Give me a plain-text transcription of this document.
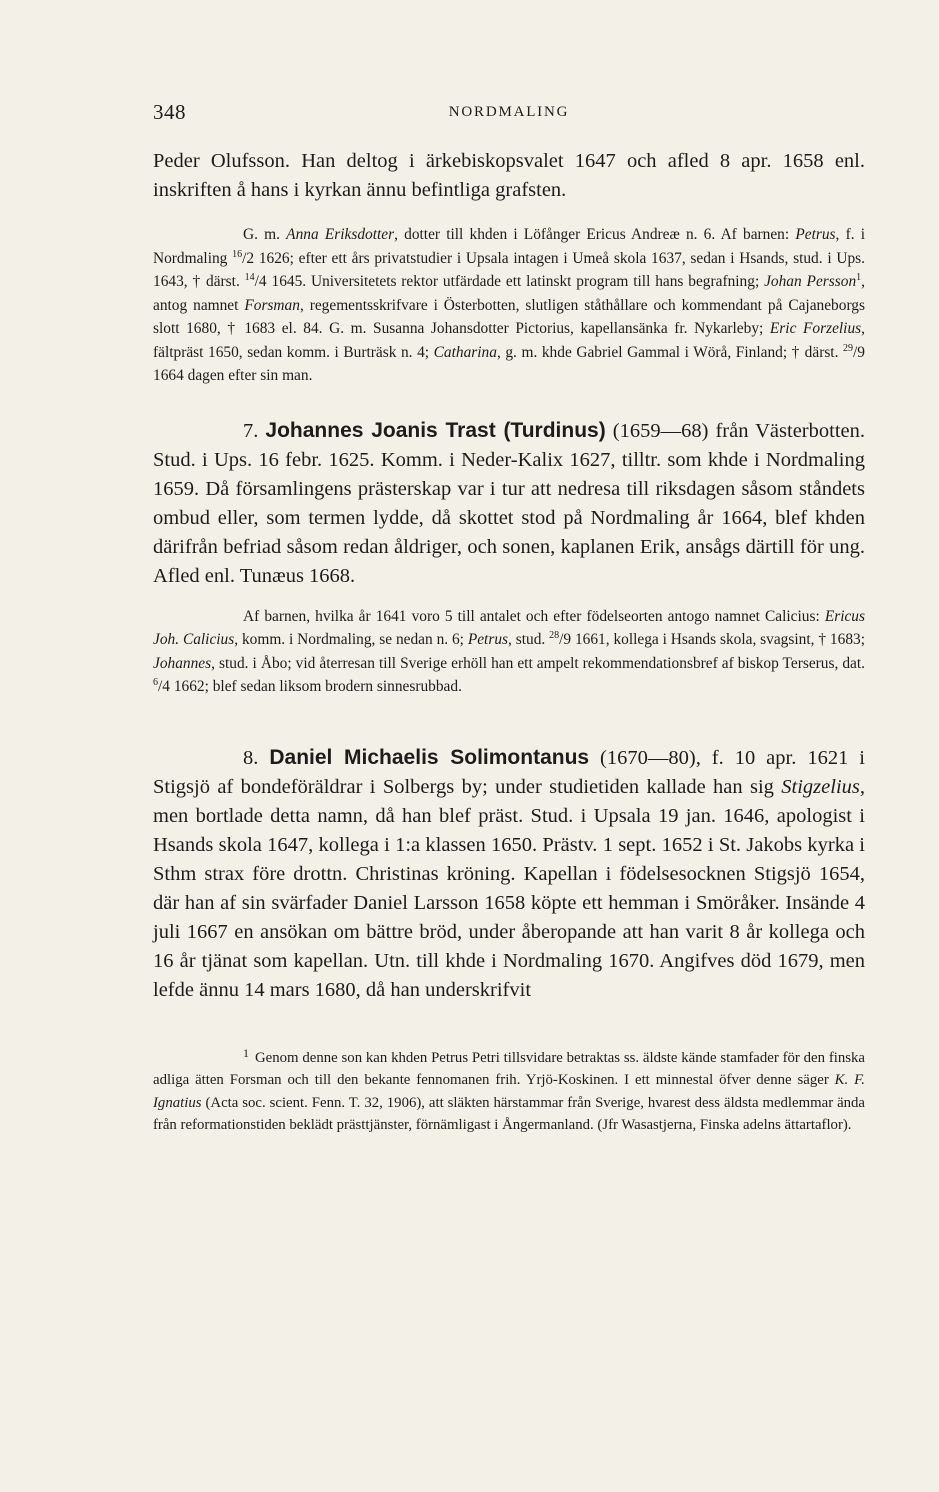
348	NORDMALING

Peder Olufsson. Han deltog i ärkebiskopsvalet 1647 och afled 8 apr. 1658 enl. inskriften å hans i kyrkan ännu befintliga grafsten.

G. m. Anna Eriksdotter, dotter till khden i Löfånger Ericus Andreæ n. 6. Af barnen: Petrus, f. i Nordmaling $^{16}$/2 1626; efter ett års privatstudier i Upsala intagen i Umeå skola 1637, sedan i Hsands, stud. i Ups. 1643, † därst. $^{14}$/4 1645. Universitetets rektor utfärdade ett latinskt program till hans begrafning; Johan Persson$^1$, antog namnet Forsman, regementsskrifvare i Österbotten, slutligen ståthållare och kommendant på Cajaneborgs slott 1680, † 1683 el. 84. G. m. Susanna Johansdotter Pictorius, kapellansänka fr. Nykarleby; Eric Forzelius, fältpräst 1650, sedan komm. i Burträsk n. 4; Catharina, g. m. khde Gabriel Gammal i Wörå, Finland; † därst. $^{29}$/9 1664 dagen efter sin man.

7. Johannes Joanis Trast (Turdinus) (1659—68) från Västerbotten. Stud. i Ups. 16 febr. 1625. Komm. i Neder-Kalix 1627, tilltr. som khde i Nordmaling 1659. Då församlingens prästerskap var i tur att nedresa till riksdagen såsom ståndets ombud eller, som termen lydde, då skottet stod på Nordmaling år 1664, blef khden därifrån befriad såsom redan åldriger, och sonen, kaplanen Erik, ansågs därtill för ung. Afled enl. Tunæus 1668.

Af barnen, hvilka år 1641 voro 5 till antalet och efter födelseorten antogo namnet Calicius: Ericus Joh. Calicius, komm. i Nordmaling, se nedan n. 6; Petrus, stud. $^{28}$/9 1661, kollega i Hsands skola, svagsint, † 1683; Johannes, stud. i Åbo; vid återresan till Sverige erhöll han ett ampelt rekommendationsbref af biskop Terserus, dat. $^6$/4 1662; blef sedan liksom brodern sinnesrubbad.

8. Daniel Michaelis Solimontanus (1670—80), f. 10 apr. 1621 i Stigsjö af bondeföräldrar i Solbergs by; under studietiden kallade han sig Stigzelius, men bortlade detta namn, då han blef präst. Stud. i Upsala 19 jan. 1646, apologist i Hsands skola 1647, kollega i 1:a klassen 1650. Prästv. 1 sept. 1652 i St. Jakobs kyrka i Sthm strax före drottn. Christinas kröning. Kapellan i födelsesocknen Stigsjö 1654, där han af sin svärfader Daniel Larsson 1658 köpte ett hemman i Smöråker. Insände 4 juli 1667 en ansökan om bättre bröd, under åberopande att han varit 8 år kollega och 16 år tjänat som kapellan. Utn. till khde i Nordmaling 1670. Angifves död 1679, men lefde ännu 14 mars 1680, då han underskrifvit

$^1$ Genom denne son kan khden Petrus Petri tillsvidare betraktas ss. äldste kände stamfader för den finska adliga ätten Forsman och till den bekante fennomanen frih. Yrjö-Koskinen. I ett minnestal öfver denne säger K. F. Ignatius (Acta soc. scient. Fenn. T. 32, 1906), att släkten härstammar från Sverige, hvarest dess äldsta medlemmar ända från reformationstiden beklädt prästtjänster, förnämligast i Ångermanland. (Jfr Wasastjerna, Finska adelns ättartaflor).
